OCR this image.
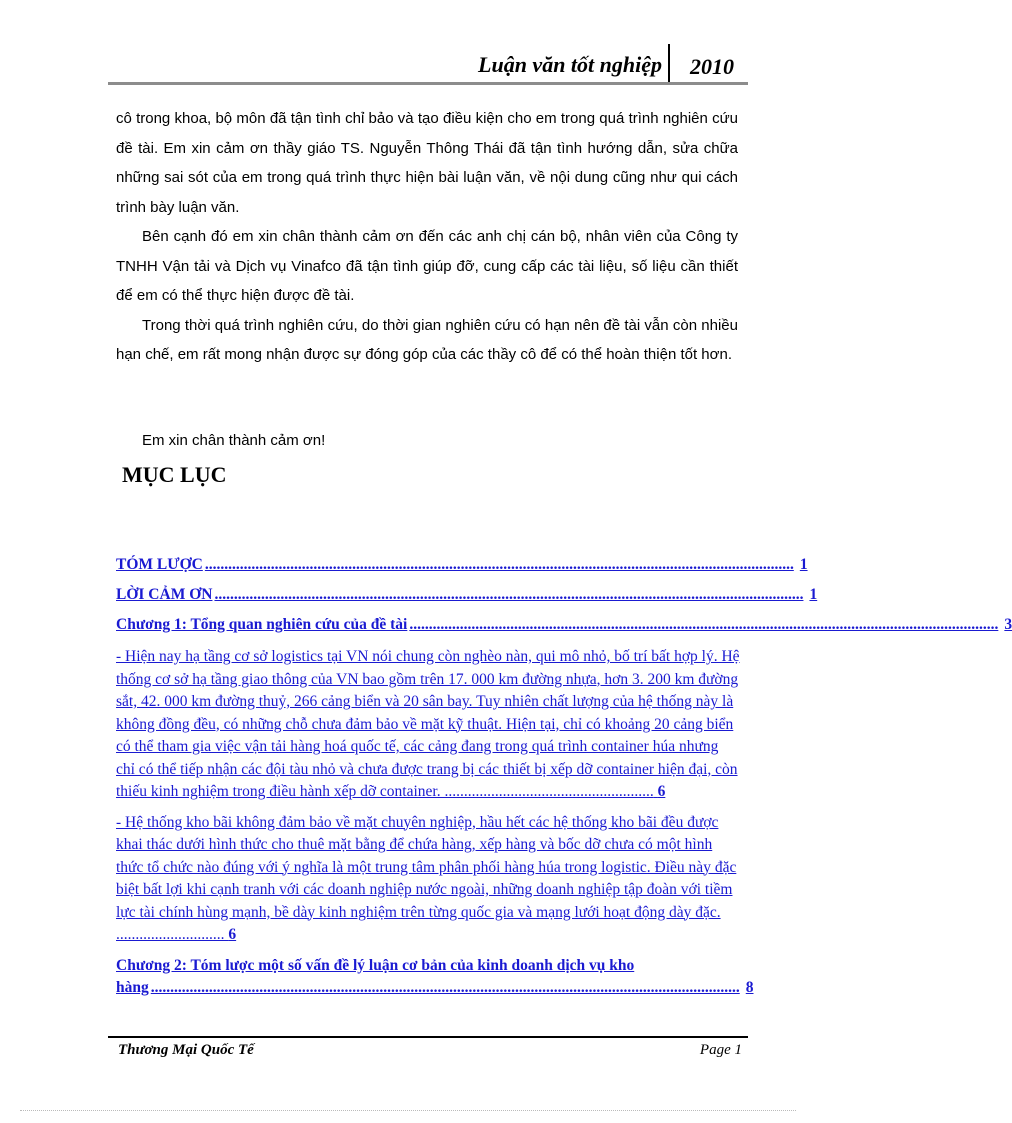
Luận văn tốt nghiệp 2010

cô trong khoa, bộ môn đã tận tình chỉ bảo và tạo điều kiện cho em trong quá trình nghiên cứu đề tài. Em xin cảm ơn thầy giáo TS. Nguyễn Thông Thái đã tận tình hướng dẫn, sửa chữa những sai sót của em trong quá trình thực hiện bài luận văn, về nội dung cũng như qui cách trình bày luận văn.

Bên cạnh đó em xin chân thành cảm ơn đến các anh chị cán bộ, nhân viên của Công ty TNHH Vận tải và Dịch vụ Vinafco đã tận tình giúp đỡ, cung cấp các tài liệu, số liệu cần thiết để em có thể thực hiện được đề tài.

Trong thời quá trình nghiên cứu, do thời gian nghiên cứu có hạn nên đề tài vẫn còn nhiều hạn chế, em rất mong nhận được sự đóng góp của các thầy cô để có thể hoàn thiện tốt hơn.

Em xin chân thành cảm ơn!
MỤC LỤC
TÓM LƯỢC ........................................................................................................................................................ 1
LỜI CẢM ƠN ........................................................................................................................................................ 1
Chương 1: Tổng quan nghiên cứu của đề tài ........................................................................................................................................................ 3
- Hiện nay hạ tầng cơ sở logistics tại VN nói chung còn nghèo nàn, qui mô nhỏ, bố trí bất hợp lý. Hệ thống cơ sở hạ tầng giao thông của VN bao gồm trên 17. 000 km đường nhựa, hơn 3. 200 km đường sắt, 42. 000 km đường thuỷ, 266 cảng biển và 20 sân bay. Tuy nhiên chất lượng của hệ thống này là không đồng đều, có những chỗ chưa đảm bảo về mặt kỹ thuật. Hiện tại, chỉ có khoảng 20 cảng biển có thể tham gia việc vận tải hàng hoá quốc tế, các cảng đang trong quá trình container húa nhưng chỉ có thể tiếp nhận các đội tàu nhỏ và chưa được trang bị các thiết bị xếp dỡ container hiện đại, còn thiếu kinh nghiệm trong điều hành xếp dỡ container. ...................................................... 6
- Hệ thống kho bãi không đảm bảo về mặt chuyên nghiệp, hầu hết các hệ thống kho bãi đều được khai thác dưới hình thức cho thuê mặt bằng để chứa hàng, xếp hàng và bốc dỡ chưa có một hình thức tổ chức nào đúng với ý nghĩa là một trung tâm phân phối hàng húa trong logistic. Điều này đặc biệt bất lợi khi cạnh tranh với các doanh nghiệp nước ngoài, những doanh nghiệp tập đoàn với tiềm lực tài chính hùng mạnh, bề dày kinh nghiệm trên từng quốc gia và mạng lưới hoạt động dày đặc. ............................ 6
Chương 2: Tóm lược một số vấn đề lý luận cơ bản của kinh doanh dịch vụ kho
hàng ........................................................................................................................................................ 8
Thương Mại Quốc Tế	Page 1
